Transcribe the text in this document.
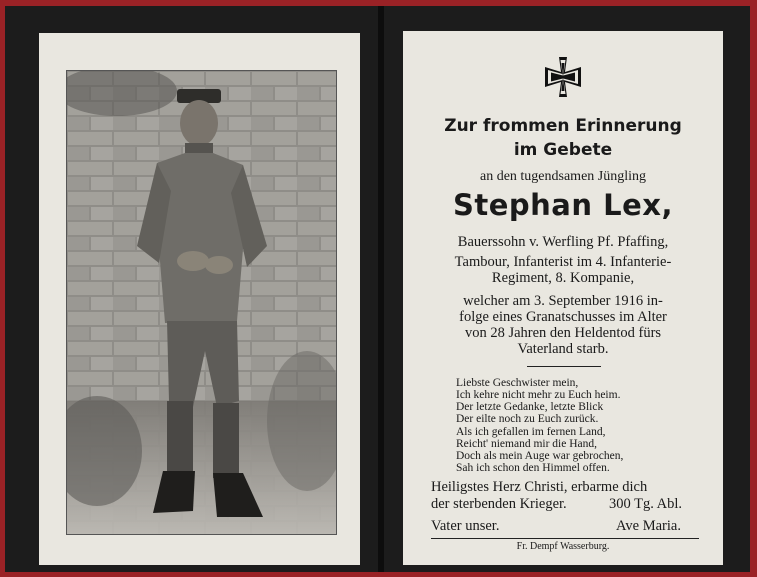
Zur frommen Erinnerung
im Gebete
an den tugendsamen Jüngling
Stephan Lex,
Bauerssohn v. Werfling Pf. Pfaffing,
Tambour, Infanterist im 4. Infanterie-
Regiment, 8. Kompanie,
welcher am 3. September 1916 in-
folge eines Granatschusses im Alter
von 28 Jahren den Heldentod fürs
Vaterland starb.
Liebste Geschwister mein,
Ich kehre nicht mehr zu Euch heim.
Der letzte Gedanke, letzte Blick
Der eilte noch zu Euch zurück.
Als ich gefallen im fernen Land,
Reicht' niemand mir die Hand,
Doch als mein Auge war gebrochen,
Sah ich schon den Himmel offen.
Heiligstes Herz Christi, erbarme dich
der sterbenden Krieger.	300 Tg. Abl.
Vater unser.	Ave Maria.
Fr. Dempf Wasserburg.
